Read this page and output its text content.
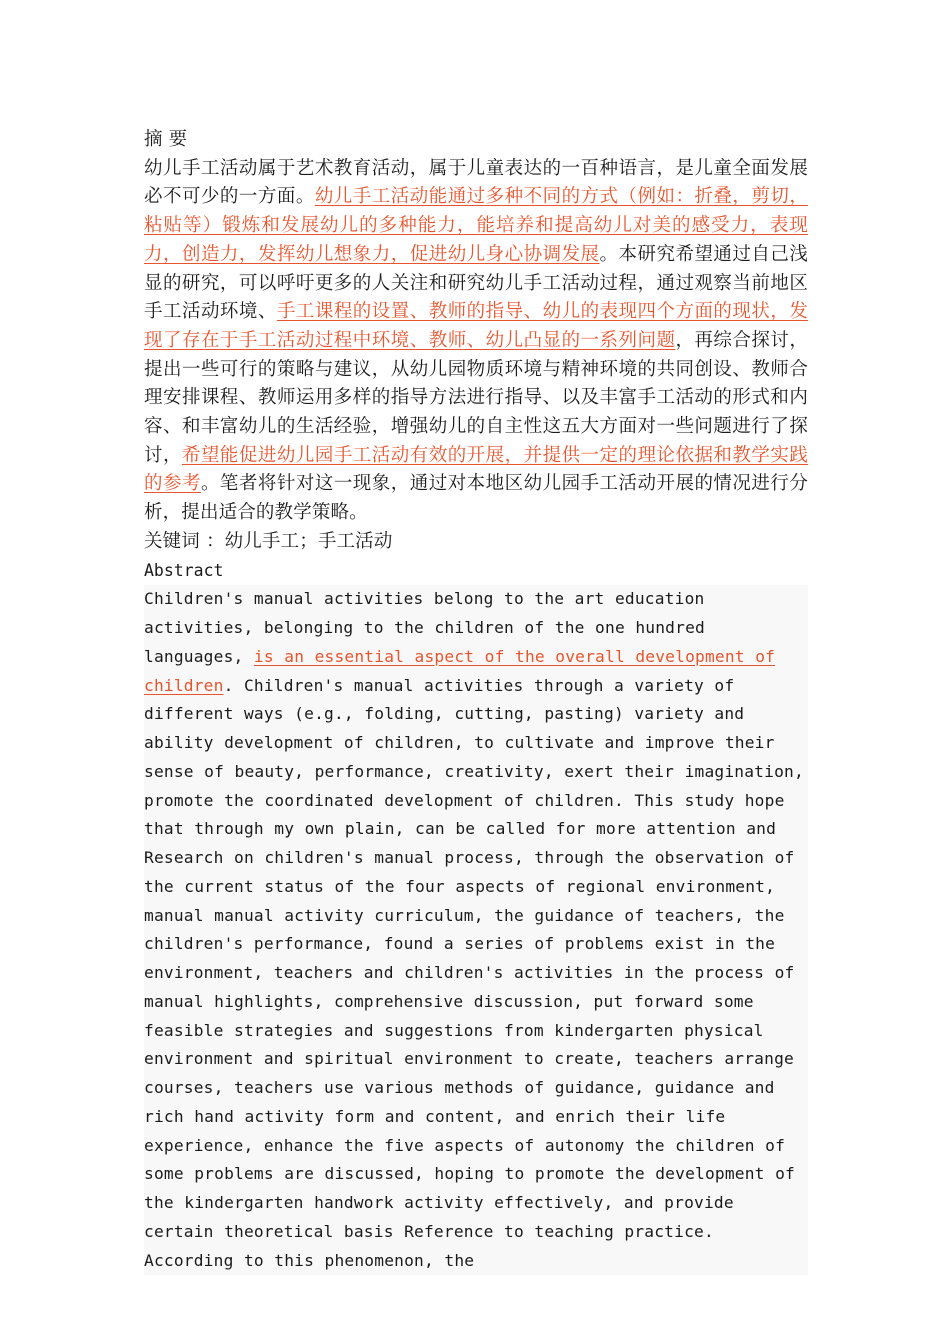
摘 要

幼儿手工活动属于艺术教育活动，属于儿童表达的一百种语言，是儿童全面发展必不可少的一方面。幼儿手工活动能通过多种不同的方式（例如：折叠，剪切，粘贴等）锻炼和发展幼儿的多种能力，能培养和提高幼儿对美的感受力，表现力，创造力，发挥幼儿想象力，促进幼儿身心协调发展。本研究希望通过自己浅显的研究，可以呼吁更多的人关注和研究幼儿手工活动过程，通过观察当前地区手工活动环境、手工课程的设置、教师的指导、幼儿的表现四个方面的现状，发现了存在于手工活动过程中环境、教师、幼儿凸显的一系列问题，再综合探讨，提出一些可行的策略与建议，从幼儿园物质环境与精神环境的共同创设、教师合理安排课程、教师运用多样的指导方法进行指导、以及丰富手工活动的形式和内容、和丰富幼儿的生活经验，增强幼儿的自主性这五大方面对一些问题进行了探讨，希望能促进幼儿园手工活动有效的开展，并提供一定的理论依据和教学实践的参考。笔者将针对这一现象，通过对本地区幼儿园手工活动开展的情况进行分析，提出适合的教学策略。

关键词 ：幼儿手工；手工活动

Abstract

Children's manual activities belong to the art education activities, belonging to the children of the one hundred languages, is an essential aspect of the overall development of children. Children's manual activities through a variety of different ways (e.g., folding, cutting, pasting) variety and ability development of children, to cultivate and improve their sense of beauty, performance, creativity, exert their imagination, promote the coordinated development of children. This study hope that through my own plain, can be called for more attention and Research on children's manual process, through the observation of the current status of the four aspects of regional environment, manual manual activity curriculum, the guidance of teachers, the children's performance, found a series of problems exist in the environment, teachers and children's activities in the process of manual highlights, comprehensive discussion, put forward some feasible strategies and suggestions from kindergarten physical environment and spiritual environment to create, teachers arrange courses, teachers use various methods of guidance, guidance and rich hand activity form and content, and enrich their life experience, enhance the five aspects of autonomy the children of some problems are discussed, hoping to promote the development of the kindergarten handwork activity effectively, and provide certain theoretical basis Reference to teaching practice. According to this phenomenon, the
